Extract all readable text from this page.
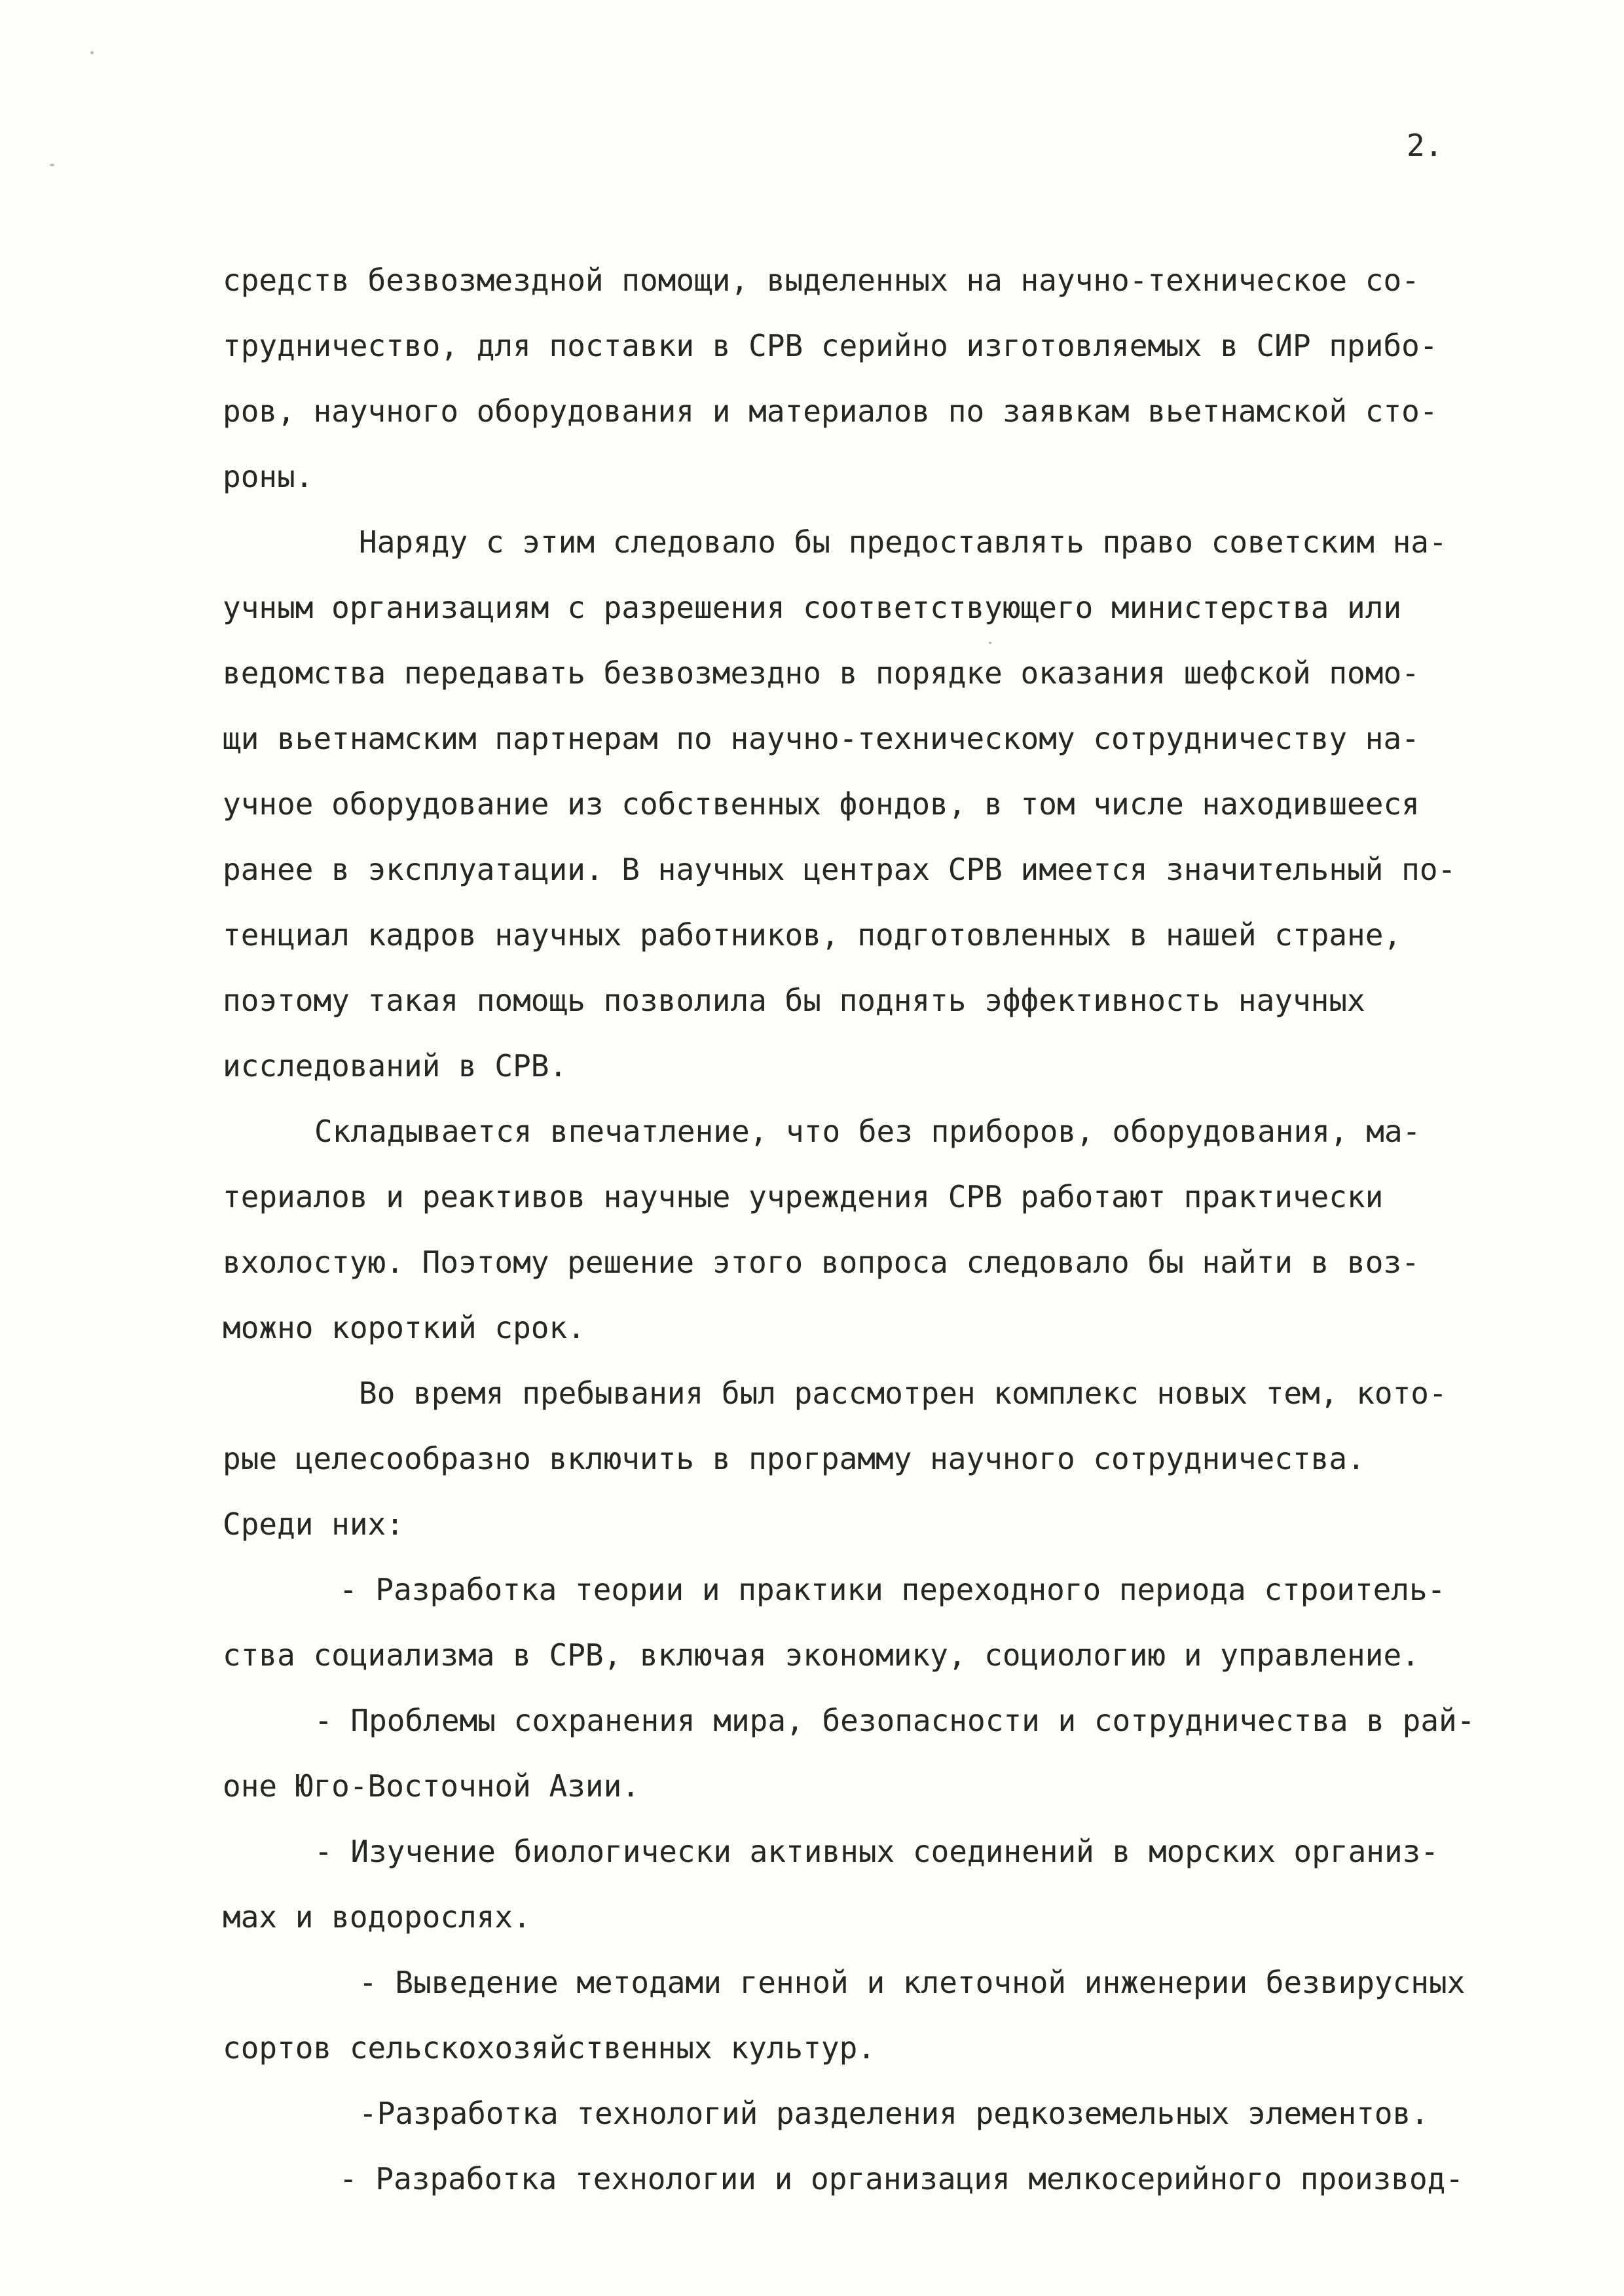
2.
средств безвозмездной помощи, выделенных на научно-техническое со-
трудничество, для поставки в СРВ серийно изготовляемых в СИР прибо-
ров, научного оборудования и материалов по заявкам вьетнамской сто-
роны.
Наряду с этим следовало бы предоставлять право советским на-
учным организациям с разрешения соответствующего министерства или
ведомства передавать безвозмездно в порядке оказания шефской помо-
щи вьетнамским партнерам по научно-техническому сотрудничеству на-
учное оборудование из собственных фондов, в том числе находившееся
ранее в эксплуатации. В научных центрах СРВ имеется значительный по-
тенциал кадров научных работников, подготовленных в нашей стране,
поэтому такая помощь позволила бы поднять эффективность научных
исследований в СРВ.
Складывается впечатление, что без приборов, оборудования, ма-
териалов и реактивов научные учреждения СРВ работают практически
вхолостую. Поэтому решение этого вопроса следовало бы найти в воз-
можно короткий срок.
Во время пребывания был рассмотрен комплекс новых тем, кото-
рые целесообразно включить в программу научного сотрудничества.
Среди них:
- Разработка теории и практики переходного периода строитель-
ства социализма в СРВ, включая экономику, социологию и управление.
- Проблемы сохранения мира, безопасности и сотрудничества в рай-
оне Юго-Восточной Азии.
- Изучение биологически активных соединений в морских организ-
мах и водорослях.
- Выведение методами генной и клеточной инженерии безвирусных
сортов сельскохозяйственных культур.
-Разработка технологий разделения редкоземельных элементов.
- Разработка технологии и организация мелкосерийного производ-
